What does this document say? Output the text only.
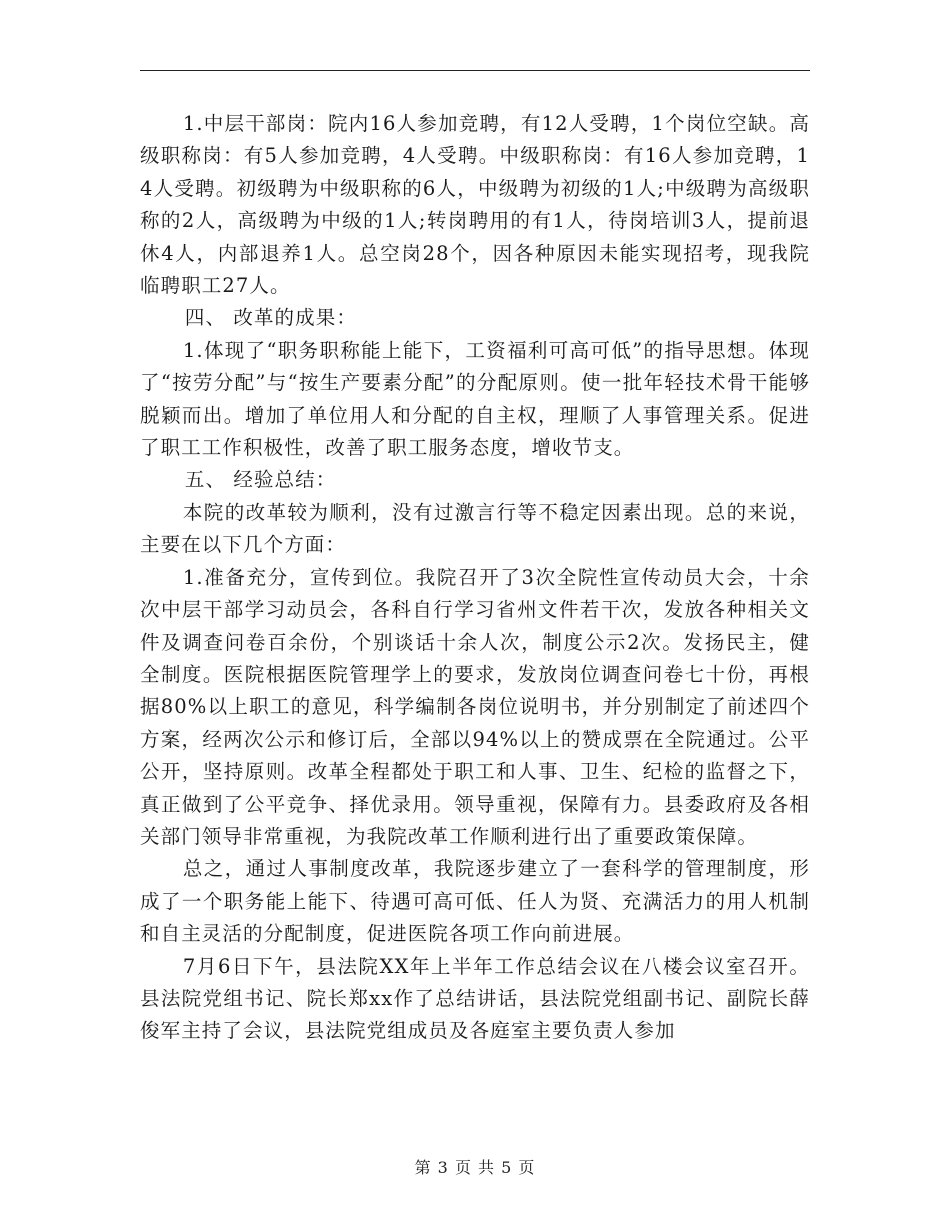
1.中层干部岗：院内16人参加竞聘，有12人受聘，1个岗位空缺。高级职称岗：有5人参加竞聘，4人受聘。中级职称岗：有16人参加竞聘，14人受聘。初级聘为中级职称的6人，中级聘为初级的1人;中级聘为高级职称的2人，高级聘为中级的1人;转岗聘用的有1人，待岗培训3人，提前退休4人，内部退养1人。总空岗28个，因各种原因未能实现招考，现我院临聘职工27人。

四、 改革的成果：

1.体现了“职务职称能上能下，工资福利可高可低”的指导思想。体现了“按劳分配”与“按生产要素分配”的分配原则。使一批年轻技术骨干能够脱颖而出。增加了单位用人和分配的自主权，理顺了人事管理关系。促进了职工工作积极性，改善了职工服务态度，增收节支。

五、 经验总结：

本院的改革较为顺利，没有过激言行等不稳定因素出现。总的来说，主要在以下几个方面：

1.准备充分，宣传到位。我院召开了3次全院性宣传动员大会，十余次中层干部学习动员会，各科自行学习省州文件若干次，发放各种相关文件及调查问卷百余份，个别谈话十余人次，制度公示2次。发扬民主，健全制度。医院根据医院管理学上的要求，发放岗位调查问卷七十份，再根据80%以上职工的意见，科学编制各岗位说明书，并分别制定了前述四个方案，经两次公示和修订后，全部以94%以上的赞成票在全院通过。公平公开，坚持原则。改革全程都处于职工和人事、卫生、纪检的监督之下，真正做到了公平竞争、择优录用。领导重视，保障有力。县委政府及各相关部门领导非常重视，为我院改革工作顺利进行出了重要政策保障。

总之，通过人事制度改革，我院逐步建立了一套科学的管理制度，形成了一个职务能上能下、待遇可高可低、任人为贤、充满活力的用人机制和自主灵活的分配制度，促进医院各项工作向前进展。

7月6日下午，县法院XX年上半年工作总结会议在八楼会议室召开。县法院党组书记、院长郑xx作了总结讲话，县法院党组副书记、副院长薛俊军主持了会议，县法院党组成员及各庭室主要负责人参加

第 3 页 共 5 页
